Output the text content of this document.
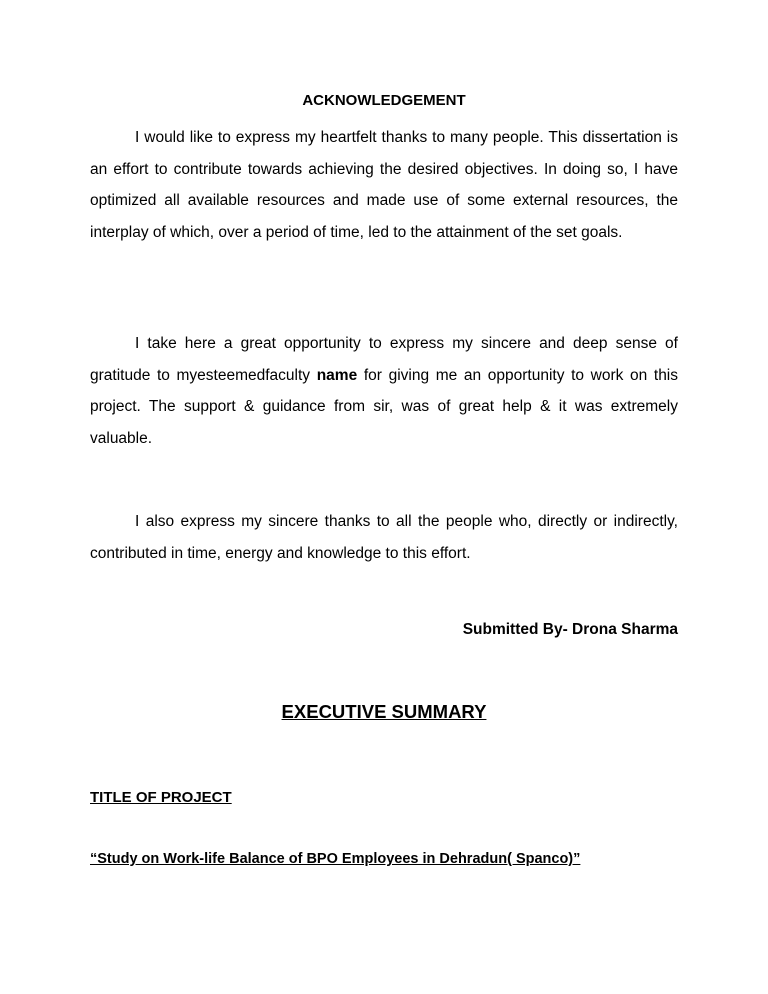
ACKNOWLEDGEMENT

I would like to express my heartfelt thanks to many people. This dissertation is an effort to contribute towards achieving the desired objectives. In doing so, I have optimized all available resources and made use of some external resources, the interplay of which, over a period of time, led to the attainment of the set goals.

I take here a great opportunity to express my sincere and deep sense of gratitude to myesteemedfaculty name for giving me an opportunity to work on this project. The support & guidance from sir, was of great help & it was extremely valuable.

I also express my sincere thanks to all the people who, directly or indirectly, contributed in time, energy and knowledge to this effort.

Submitted By- Drona Sharma

EXECUTIVE SUMMARY

TITLE OF PROJECT

“Study on Work-life Balance of BPO Employees in Dehradun( Spanco)”
